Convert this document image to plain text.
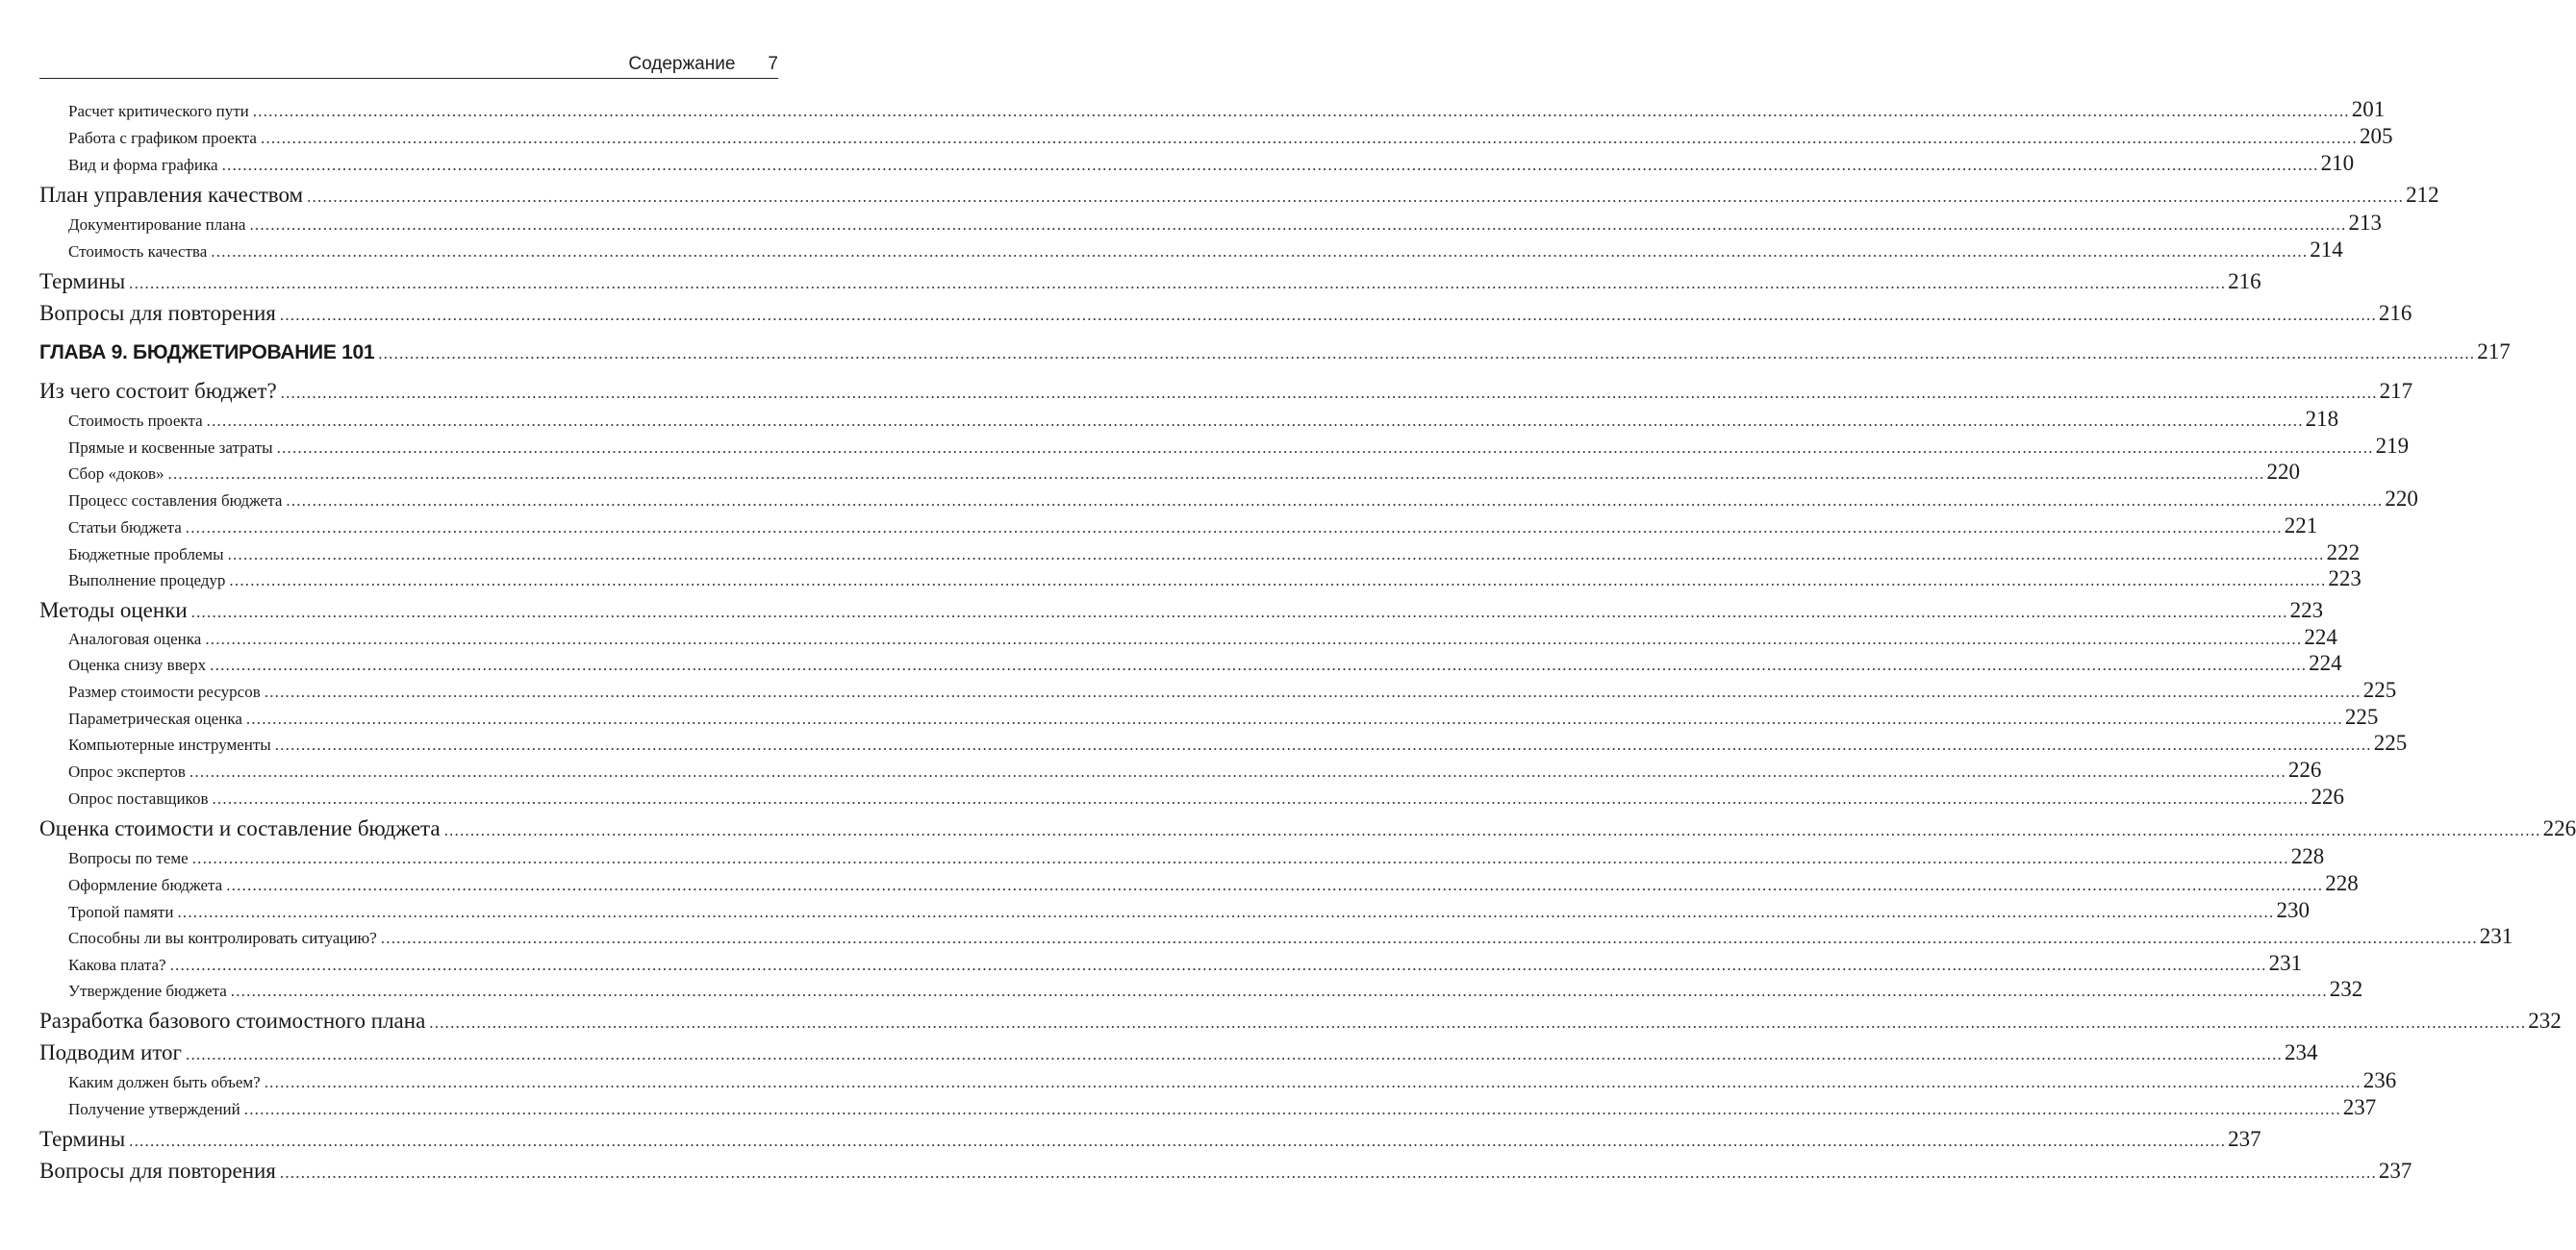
Содержание 7
Расчет критического пути ................................................................................................................................................................................................................................................................................................................................................................................................................ 201
Работа с графиком проекта ................................................................................................................................................................................................................................................................................................................................................................................................................ 205
Вид и форма графика ................................................................................................................................................................................................................................................................................................................................................................................................................ 210
План управления качеством ................................................................................................................................................................................................................................................................................................................................................................................................................ 212
Документирование плана ................................................................................................................................................................................................................................................................................................................................................................................................................ 213
Стоимость качества ................................................................................................................................................................................................................................................................................................................................................................................................................ 214
Термины ................................................................................................................................................................................................................................................................................................................................................................................................................ 216
Вопросы для повторения ................................................................................................................................................................................................................................................................................................................................................................................................................ 216
ГЛАВА 9. БЮДЖЕТИРОВАНИЕ 101 ................................................................................................................................................................................................................................................................................................................................................................................................................ 217
Из чего состоит бюджет? ................................................................................................................................................................................................................................................................................................................................................................................................................ 217
Стоимость проекта ................................................................................................................................................................................................................................................................................................................................................................................................................ 218
Прямые и косвенные затраты ................................................................................................................................................................................................................................................................................................................................................................................................................ 219
Сбор «доков» ................................................................................................................................................................................................................................................................................................................................................................................................................ 220
Процесс составления бюджета ................................................................................................................................................................................................................................................................................................................................................................................................................ 220
Статьи бюджета ................................................................................................................................................................................................................................................................................................................................................................................................................ 221
Бюджетные проблемы ................................................................................................................................................................................................................................................................................................................................................................................................................ 222
Выполнение процедур ................................................................................................................................................................................................................................................................................................................................................................................................................ 223
Методы оценки ................................................................................................................................................................................................................................................................................................................................................................................................................ 223
Аналоговая оценка ................................................................................................................................................................................................................................................................................................................................................................................................................ 224
Оценка снизу вверх ................................................................................................................................................................................................................................................................................................................................................................................................................ 224
Размер стоимости ресурсов ................................................................................................................................................................................................................................................................................................................................................................................................................ 225
Параметрическая оценка ................................................................................................................................................................................................................................................................................................................................................................................................................ 225
Компьютерные инструменты ................................................................................................................................................................................................................................................................................................................................................................................................................ 225
Опрос экспертов ................................................................................................................................................................................................................................................................................................................................................................................................................ 226
Опрос поставщиков ................................................................................................................................................................................................................................................................................................................................................................................................................ 226
Оценка стоимости и составление бюджета ................................................................................................................................................................................................................................................................................................................................................................................................................ 226
Вопросы по теме ................................................................................................................................................................................................................................................................................................................................................................................................................ 228
Оформление бюджета ................................................................................................................................................................................................................................................................................................................................................................................................................ 228
Тропой памяти ................................................................................................................................................................................................................................................................................................................................................................................................................ 230
Способны ли вы контролировать ситуацию? ................................................................................................................................................................................................................................................................................................................................................................................................................ 231
Какова плата? ................................................................................................................................................................................................................................................................................................................................................................................................................ 231
Утверждение бюджета ................................................................................................................................................................................................................................................................................................................................................................................................................ 232
Разработка базового стоимостного плана ................................................................................................................................................................................................................................................................................................................................................................................................................ 232
Подводим итог ................................................................................................................................................................................................................................................................................................................................................................................................................ 234
Каким должен быть объем? ................................................................................................................................................................................................................................................................................................................................................................................................................ 236
Получение утверждений ................................................................................................................................................................................................................................................................................................................................................................................................................ 237
Термины ................................................................................................................................................................................................................................................................................................................................................................................................................ 237
Вопросы для повторения ................................................................................................................................................................................................................................................................................................................................................................................................................ 237
